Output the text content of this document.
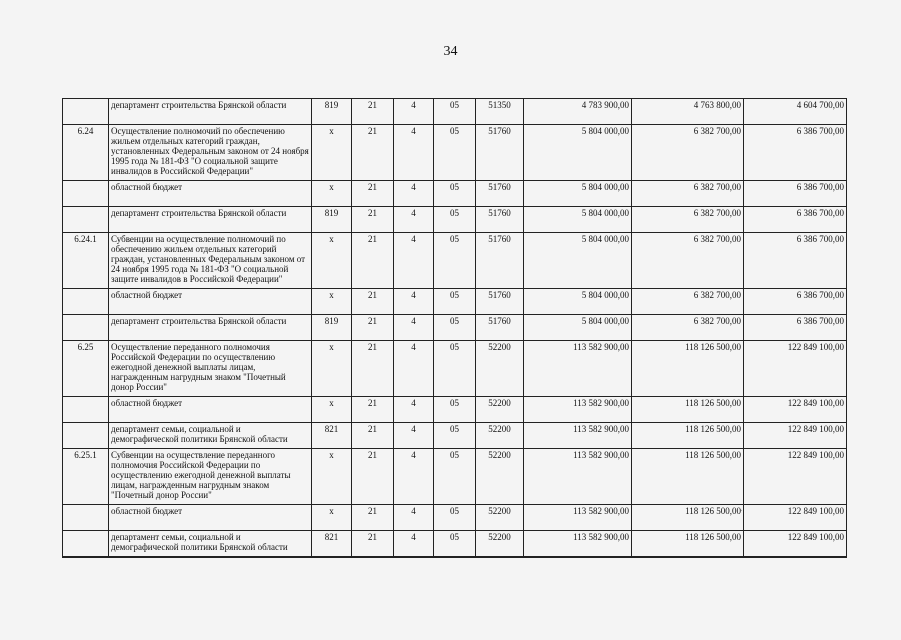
34
	департамент строительства Брянской области	819	21	4	05	51350	4 783 900,00	4 763 800,00	4 604 700,00
6.24	Осуществление полномочий по обеспечению жильем отдельных категорий граждан, установленных Федеральным законом от 24 ноября 1995 года № 181-ФЗ "О социальной защите инвалидов в Российской Федерации"	х	21	4	05	51760	5 804 000,00	6 382 700,00	6 386 700,00
	областной бюджет	х	21	4	05	51760	5 804 000,00	6 382 700,00	6 386 700,00
	департамент строительства Брянской области	819	21	4	05	51760	5 804 000,00	6 382 700,00	6 386 700,00
6.24.1	Субвенции на осуществление полномочий по обеспечению жильем отдельных категорий граждан, установленных Федеральным законом от 24 ноября 1995 года № 181-ФЗ "О социальной защите инвалидов в Российской Федерации"	х	21	4	05	51760	5 804 000,00	6 382 700,00	6 386 700,00
	областной бюджет	х	21	4	05	51760	5 804 000,00	6 382 700,00	6 386 700,00
	департамент строительства Брянской области	819	21	4	05	51760	5 804 000,00	6 382 700,00	6 386 700,00
6.25	Осуществление переданного полномочия Российской Федерации по осуществлению ежегодной денежной выплаты лицам, награжденным нагрудным знаком "Почетный донор России"	х	21	4	05	52200	113 582 900,00	118 126 500,00	122 849 100,00
	областной бюджет	х	21	4	05	52200	113 582 900,00	118 126 500,00	122 849 100,00
	департамент семьи, социальной и демографической политики Брянской области	821	21	4	05	52200	113 582 900,00	118 126 500,00	122 849 100,00
6.25.1	Субвенции на осуществление переданного полномочия Российской Федерации по осуществлению ежегодной денежной выплаты лицам, награжденным нагрудным знаком "Почетный донор России"	х	21	4	05	52200	113 582 900,00	118 126 500,00	122 849 100,00
	областной бюджет	х	21	4	05	52200	113 582 900,00	118 126 500,00	122 849 100,00
	департамент семьи, социальной и демографической политики Брянской области	821	21	4	05	52200	113 582 900,00	118 126 500,00	122 849 100,00
ˎ
